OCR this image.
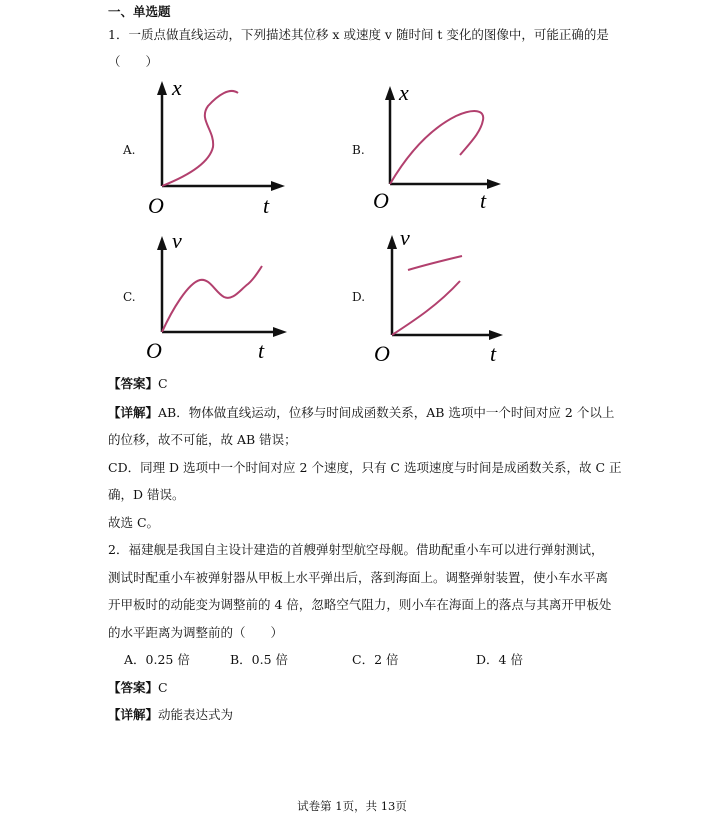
一、单选题
1．一质点做直线运动，下列描述其位移 x 或速度 v 随时间 t 变化的图像中，可能正确的是
（　　）
A.
x
O	t
B.
x
O	t
C.
v
O	t
D.
v
O	t
【答案】C
【详解】AB．物体做直线运动，位移与时间成函数关系，AB 选项中一个时间对应 2 个以上
的位移，故不可能，故 AB 错误；
CD．同理 D 选项中一个时间对应 2 个速度，只有 C 选项速度与时间是成函数关系，故 C 正
确，D 错误。
故选 C。
2．福建舰是我国自主设计建造的首艘弹射型航空母舰。借助配重小车可以进行弹射测试，
测试时配重小车被弹射器从甲板上水平弹出后，落到海面上。调整弹射装置，使小车水平离
开甲板时的动能变为调整前的 4 倍，忽略空气阻力，则小车在海面上的落点与其离开甲板处
的水平距离为调整前的（　　）
A．0.25 倍	B．0.5 倍	C．2 倍	D．4 倍
【答案】C
【详解】动能表达式为
试卷第 1页，共 13页
